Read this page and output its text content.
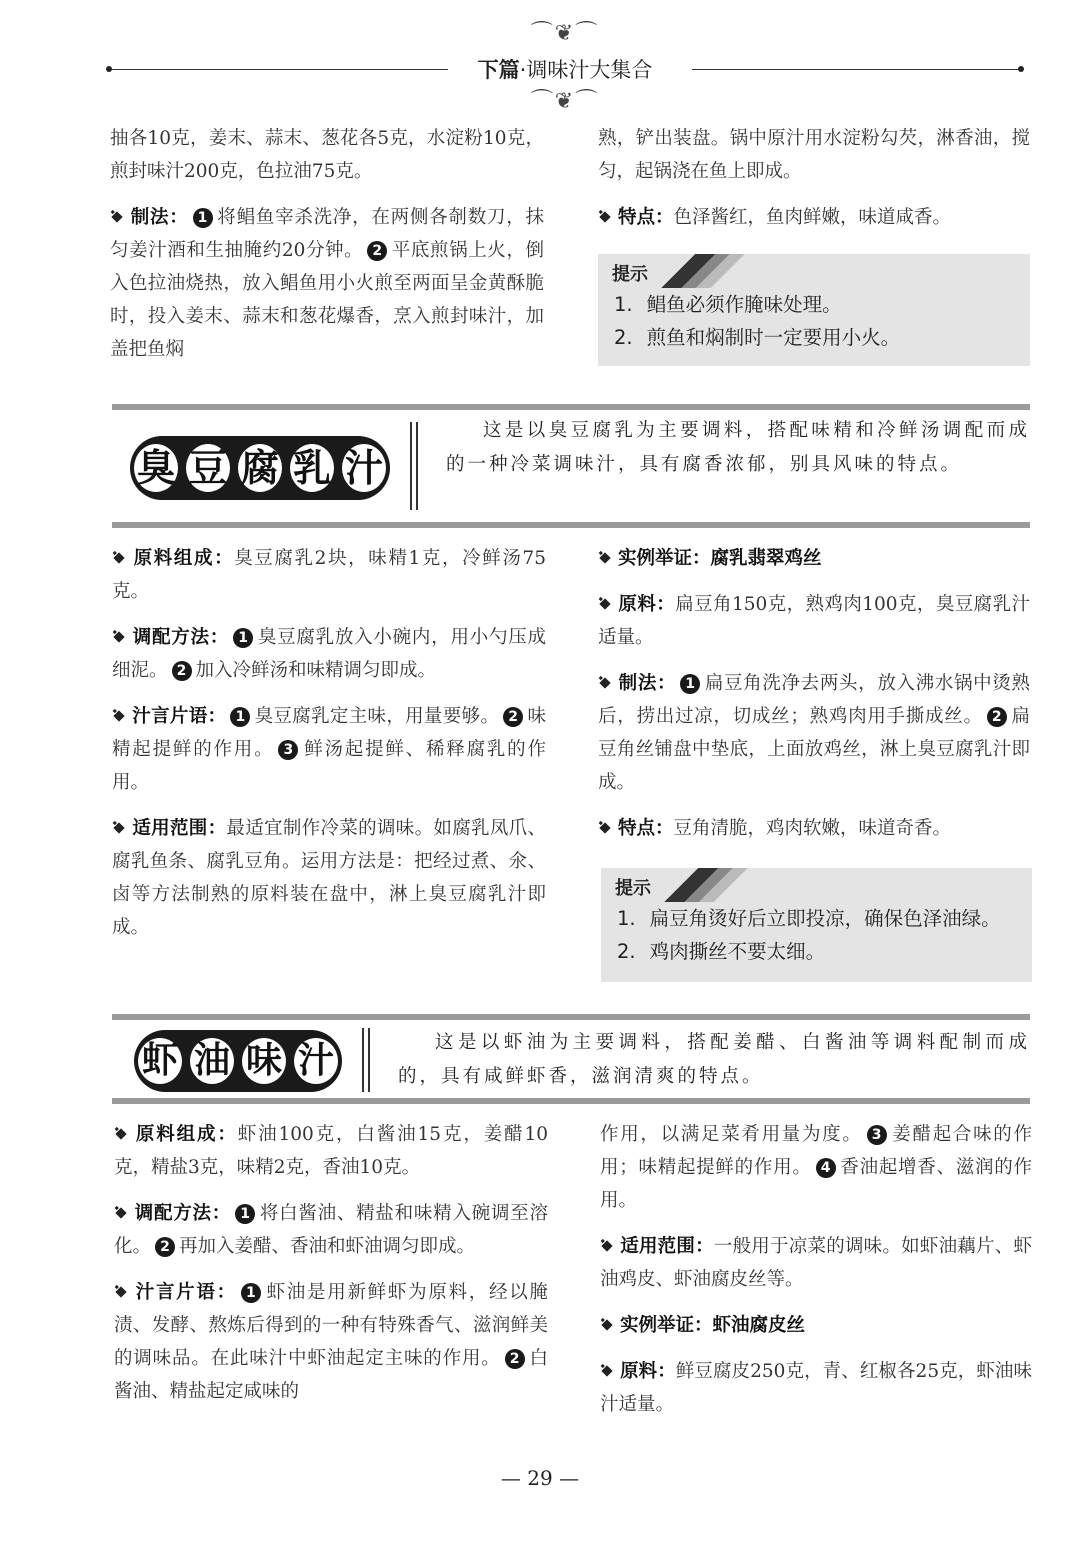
⌒❦⌒
下篇·调味汁大集合
⌒❦⌒

抽各10克，姜末、蒜末、葱花各5克，水淀粉10克，煎封味汁200克，色拉油75克。

制法： 1 将鲳鱼宰杀洗净，在两侧各剞数刀，抹匀姜汁酒和生抽腌约20分钟。 2 平底煎锅上火，倒入色拉油烧热，放入鲳鱼用小火煎至两面呈金黄酥脆时，投入姜末、蒜末和葱花爆香，烹入煎封味汁，加盖把鱼焖

熟，铲出装盘。锅中原汁用水淀粉勾芡，淋香油，搅匀，起锅浇在鱼上即成。

特点：色泽酱红，鱼肉鲜嫩，味道咸香。

提示
1. 鲳鱼必须作腌味处理。
2. 煎鱼和焖制时一定要用小火。
臭 豆 腐 乳 汁
这是以臭豆腐乳为主要调料，搭配味精和冷鲜汤调配而成的一种冷菜调味汁，具有腐香浓郁，别具风味的特点。

原料组成：臭豆腐乳2块，味精1克，冷鲜汤75克。

调配方法： 1 臭豆腐乳放入小碗内，用小勺压成细泥。 2 加入冷鲜汤和味精调匀即成。

汁言片语： 1 臭豆腐乳定主味，用量要够。 2 味精起提鲜的作用。 3 鲜汤起提鲜、稀释腐乳的作用。

适用范围：最适宜制作冷菜的调味。如腐乳凤爪、腐乳鱼条、腐乳豆角。运用方法是：把经过煮、氽、卤等方法制熟的原料装在盘中，淋上臭豆腐乳汁即成。

实例举证：腐乳翡翠鸡丝

原料：扁豆角150克，熟鸡肉100克，臭豆腐乳汁适量。

制法： 1 扁豆角洗净去两头，放入沸水锅中烫熟后，捞出过凉，切成丝；熟鸡肉用手撕成丝。 2 扁豆角丝铺盘中垫底，上面放鸡丝，淋上臭豆腐乳汁即成。

特点：豆角清脆，鸡肉软嫩，味道奇香。

提示
1. 扁豆角烫好后立即投凉，确保色泽油绿。
2. 鸡肉撕丝不要太细。
虾 油 味 汁	这是以虾油为主要调料，搭配姜醋、白酱油等调料配制而成的，具有咸鲜虾香，滋润清爽的特点。

原料组成：虾油100克，白酱油15克，姜醋10克，精盐3克，味精2克，香油10克。

调配方法： 1 将白酱油、精盐和味精入碗调至溶化。 2 再加入姜醋、香油和虾油调匀即成。

汁言片语： 1 虾油是用新鲜虾为原料，经以腌渍、发酵、熬炼后得到的一种有特殊香气、滋润鲜美的调味品。在此味汁中虾油起定主味的作用。 2 白酱油、精盐起定咸味的

作用，以满足菜肴用量为度。 3 姜醋起合味的作用；味精起提鲜的作用。 4 香油起增香、滋润的作用。

适用范围：一般用于凉菜的调味。如虾油藕片、虾油鸡皮、虾油腐皮丝等。

实例举证：虾油腐皮丝

原料：鲜豆腐皮250克，青、红椒各25克，虾油味汁适量。

— 29 —
